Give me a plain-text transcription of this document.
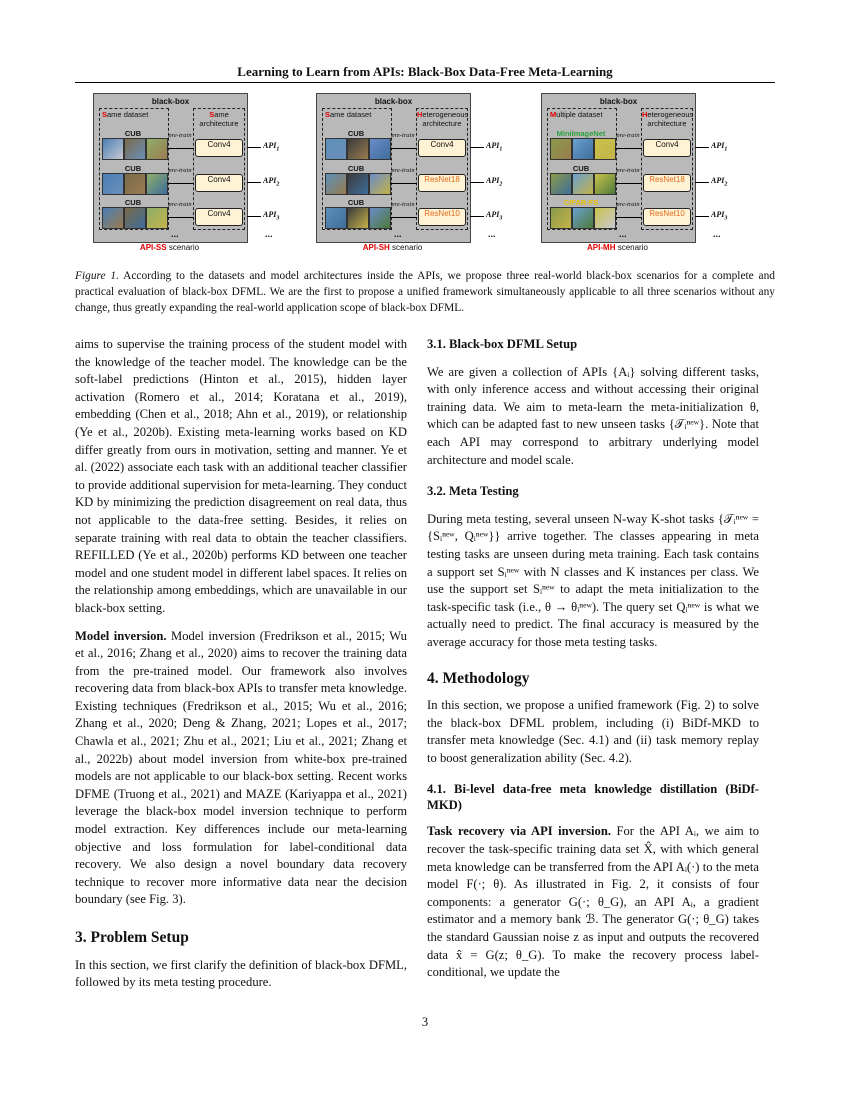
Learning to Learn from APIs: Black-Box Data-Free Meta-Learning
black-box
Same dataset	Same
architecture
CUB	pre-train
Conv4
CUB	pre-train
Conv4
CUB	pre-train
Conv4
$API_1$
$API_2$
$API_3$
...	...
API-SS scenario
black-box
Same dataset	Heterogeneous
architecture
CUB	pre-train
Conv4
CUB	pre-train
ResNet18
CUB	pre-train
ResNet10
$API_1$
$API_2$
$API_3$
...	...
API-SH scenario
black-box
Multiple dataset	Heterogeneous
architecture
MiniImageNet	pre-train
Conv4
CUB	pre-train
ResNet18
CIFAR-FS	pre-train
ResNet10
$API_1$
$API_2$
$API_3$
...	...
API-MH scenario
Figure 1. According to the datasets and model architectures inside the APIs, we propose three real-world black-box scenarios for a complete and practical evaluation of black-box DFML. We are the first to propose a unified framework simultaneously applicable to all three scenarios without any change, thus greatly expanding the real-world application scope of black-box DFML.

aims to supervise the training process of the student model with the knowledge of the teacher model. The knowledge can be the soft-label predictions (Hinton et al., 2015), hidden layer activation (Romero et al., 2014; Koratana et al., 2019), embedding (Chen et al., 2018; Ahn et al., 2019), or relationship (Ye et al., 2020b). Existing meta-learning works based on KD differ greatly from ours in motivation, setting and manner. Ye et al. (2022) associate each task with an additional teacher classifier to provide additional supervision for meta-learning. They conduct KD by minimizing the prediction disagreement on real data, thus not applicable to the data-free setting. Besides, it relies on separate training with real data to obtain the teacher classifiers. REFILLED (Ye et al., 2020b) performs KD between one teacher model and one student model in different label spaces. It relies on the relationship among embeddings, which are unavailable in our black-box setting.

Model inversion. Model inversion (Fredrikson et al., 2015; Wu et al., 2016; Zhang et al., 2020) aims to recover the training data from the pre-trained model. Our framework also involves recovering data from black-box APIs to transfer meta knowledge. Existing techniques (Fredrikson et al., 2015; Wu et al., 2016; Zhang et al., 2020; Deng & Zhang, 2021; Lopes et al., 2017; Chawla et al., 2021; Zhu et al., 2021; Liu et al., 2021; Zhang et al., 2022b) about model inversion from white-box pre-trained models are not applicable to our black-box setting. Recent works DFME (Truong et al., 2021) and MAZE (Kariyappa et al., 2021) leverage the black-box model inversion technique to perform model extraction. Key differences include our meta-learning objective and loss formulation for label-conditional data recovery. We also design a novel boundary data recovery technique to recover more informative data near the decision boundary (see Fig. 3).

3. Problem Setup

In this section, we first clarify the definition of black-box DFML, followed by its meta testing procedure.

3.1. Black-box DFML Setup

We are given a collection of APIs {Aᵢ} solving different tasks, with only inference access and without accessing their original training data. We aim to meta-learn the meta-initialization θ, which can be adapted fast to new unseen tasks {𝒯ᵢⁿᵉʷ}. Note that each API may correspond to arbitrary underlying model architecture and model scale.

3.2. Meta Testing

During meta testing, several unseen N-way K-shot tasks {𝒯ᵢⁿᵉʷ = {Sᵢⁿᵉʷ, Qᵢⁿᵉʷ}} arrive together. The classes appearing in meta testing tasks are unseen during meta training. Each task contains a support set Sᵢⁿᵉʷ with N classes and K instances per class. We use the support set Sᵢⁿᵉʷ to adapt the meta initialization to the task-specific task (i.e., θ → θᵢⁿᵉʷ). The query set Qᵢⁿᵉʷ is what we actually need to predict. The final accuracy is measured by the average accuracy for those meta testing tasks.

4. Methodology

In this section, we propose a unified framework (Fig. 2) to solve the black-box DFML problem, including (i) BiDf-MKD to transfer meta knowledge (Sec. 4.1) and (ii) task memory replay to boost generalization ability (Sec. 4.2).

4.1. Bi-level data-free meta knowledge distillation (BiDf-MKD)

Task recovery via API inversion. For the API Aᵢ, we aim to recover the task-specific training data set X̂, with which general meta knowledge can be transferred from the API Aᵢ(·) to the meta model F(·; θ). As illustrated in Fig. 2, it consists of four components: a generator G(·; θ_G), an API Aᵢ, a gradient estimator and a memory bank ℬ. The generator G(·; θ_G) takes the standard Gaussian noise z as input and outputs the recovered data x̂ = G(z; θ_G). To make the recovery process label-conditional, we update the

3
